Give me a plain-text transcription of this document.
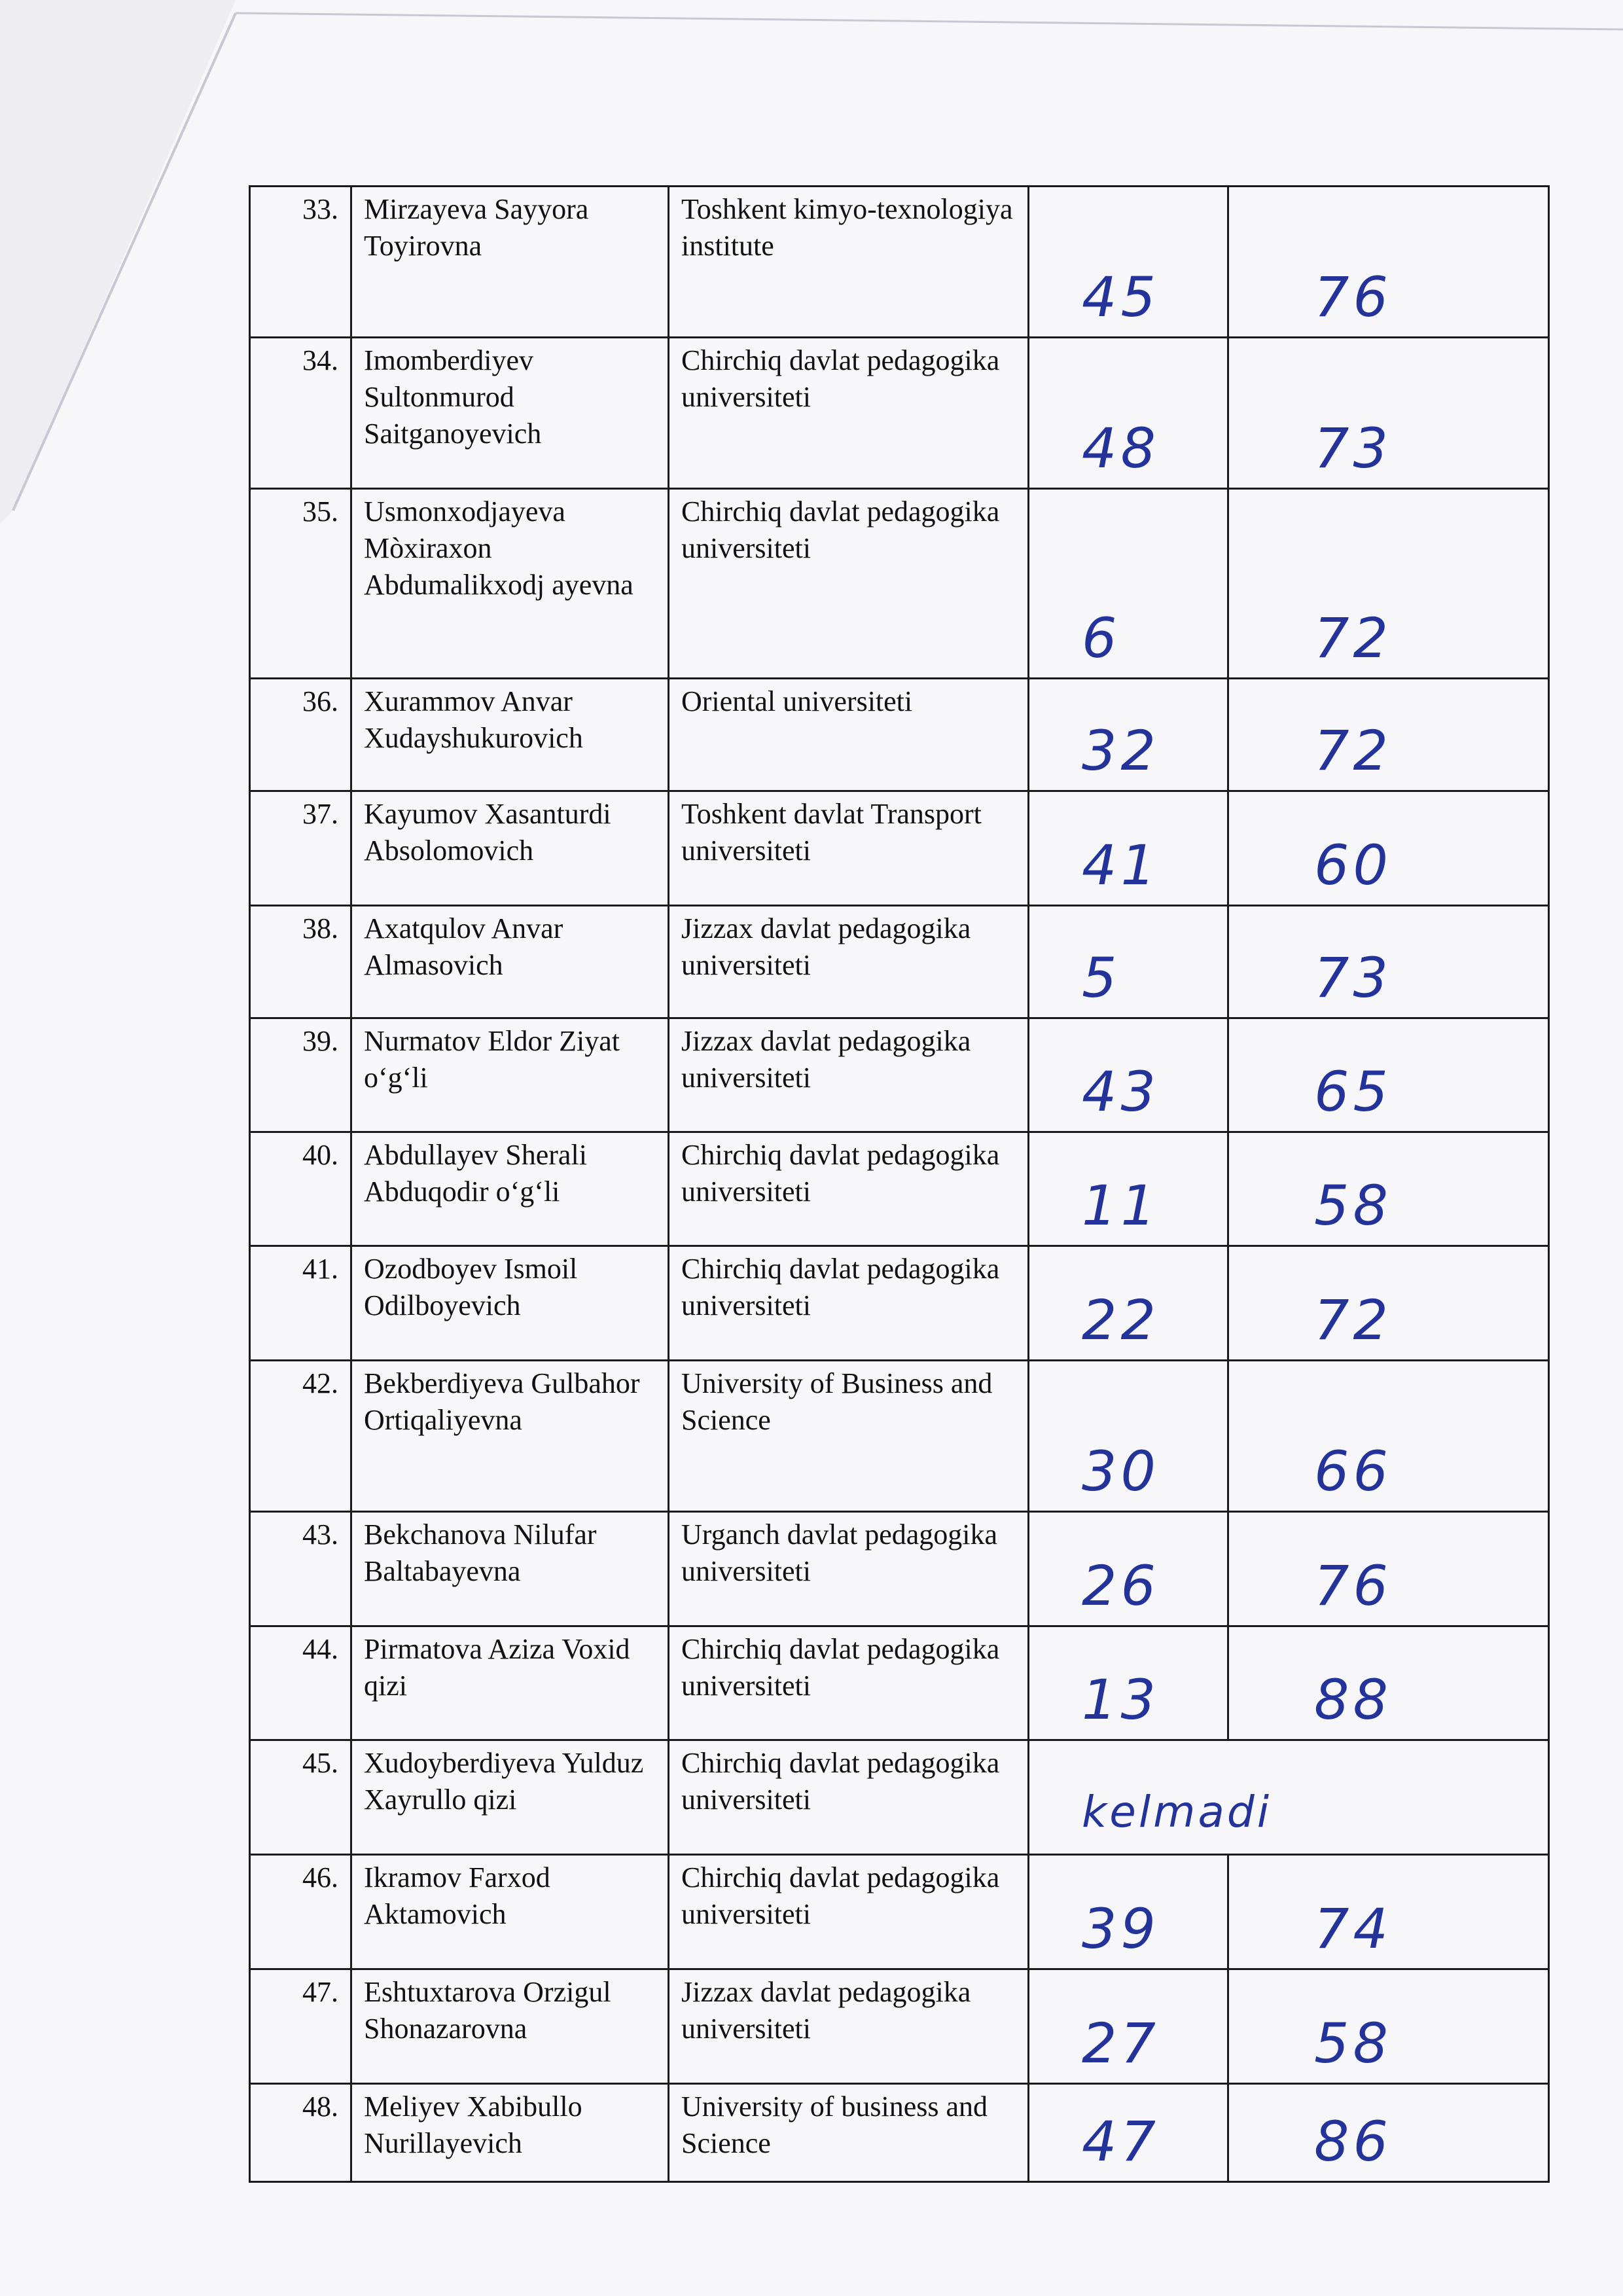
33.	Mirzayeva Sayyora Toyirovna	Toshkent kimyo-texnologiya institute	45	76

34.	Imomberdiyev Sultonmurod Saitganoyevich	Chirchiq davlat pedagogika universiteti	48	73

35.	Usmonxodjayeva Mòxiraxon Abdumalikxodj ayevna	Chirchiq davlat pedagogika universiteti	6	72

36.	Xurammov Anvar Xudayshukurovich	Oriental universiteti	32	72

37.	Kayumov Xasanturdi Absolomovich	Toshkent davlat Transport universiteti	41	60

38.	Axatqulov Anvar Almasovich	Jizzax davlat pedagogika universiteti	5	73

39.	Nurmatov Eldor Ziyat o‘g‘li	Jizzax davlat pedagogika universiteti	43	65

40.	Abdullayev Sherali Abduqodir o‘g‘li	Chirchiq davlat pedagogika universiteti	11	58

41.	Ozodboyev Ismoil Odilboyevich	Chirchiq davlat pedagogika universiteti	22	72

42.	Bekberdiyeva Gulbahor Ortiqaliyevna	University of Business and Science	30	66

43.	Bekchanova Nilufar Baltabayevna	Urganch davlat pedagogika universiteti	26	76

44.	Pirmatova Aziza Voxid qizi	Chirchiq davlat pedagogika universiteti	13	88

45.	Xudoyberdiyeva Yulduz Xayrullo qizi	Chirchiq davlat pedagogika universiteti	kelmadi	

46.	Ikramov Farxod Aktamovich	Chirchiq davlat pedagogika universiteti	39	74

47.	Eshtuxtarova Orzigul Shonazarovna	Jizzax davlat pedagogika universiteti	27	58

48.	Meliyev Xabibullo Nurillayevich	University of business and Science	47	86
